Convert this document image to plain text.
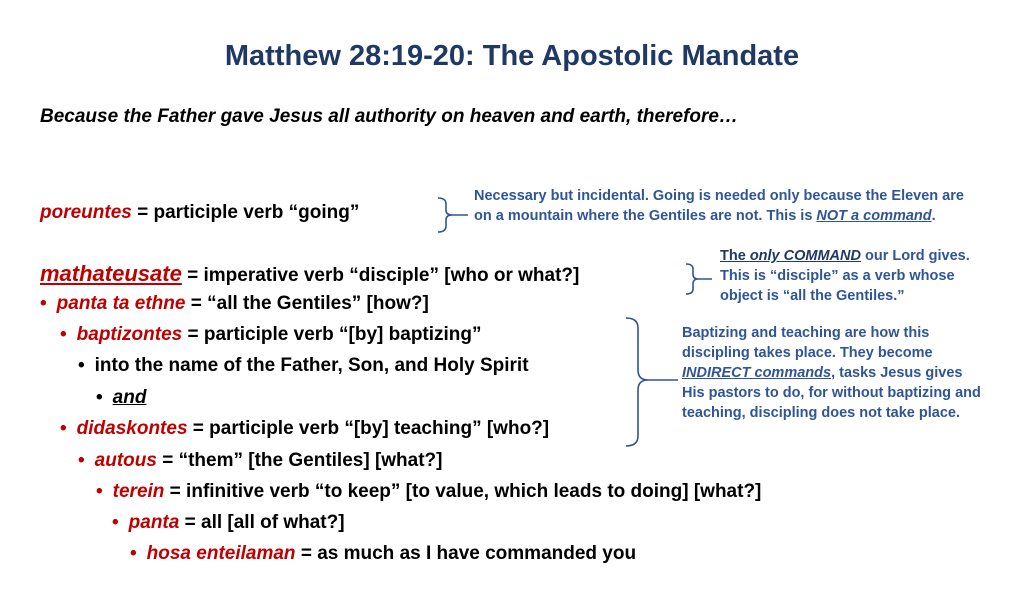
Matthew 28:19-20: The Apostolic Mandate
Because the Father gave Jesus all authority on heaven and earth, therefore…
poreuntes = participle verb “going”
mathateusate = imperative verb “disciple” [who or what?]
• panta ta ethne = “all the Gentiles” [how?]
• baptizontes = participle verb “[by] baptizing”
• into the name of the Father, Son, and Holy Spirit
• and
• didaskontes = participle verb “[by] teaching” [who?]
• autous = “them” [the Gentiles] [what?]
• terein = infinitive verb “to keep” [to value, which leads to doing] [what?]
• panta = all [all of what?]
• hosa enteilaman = as much as I have commanded you
Necessary but incidental. Going is needed only because the Eleven are on a mountain where the Gentiles are not. This is NOT a command.
The only COMMAND our Lord gives. This is “disciple” as a verb whose object is “all the Gentiles.”
Baptizing and teaching are how this discipling takes place. They become INDIRECT commands, tasks Jesus gives His pastors to do, for without baptizing and teaching, discipling does not take place.
